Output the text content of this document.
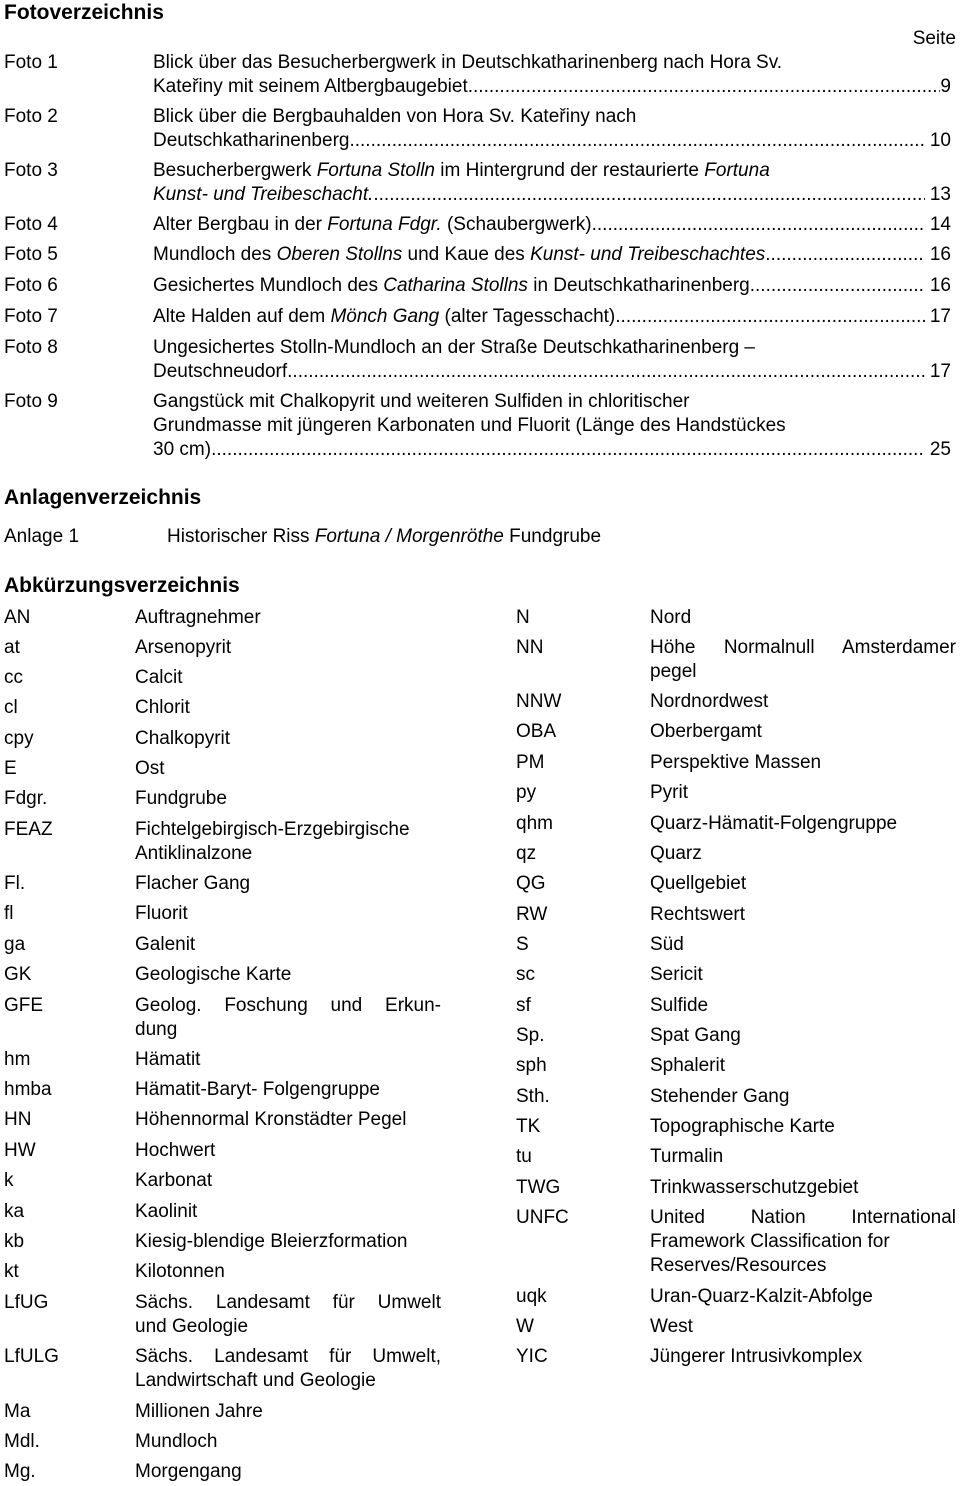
Fotoverzeichnis
Seite
Foto 1	Blick über das Besucherbergwerk in Deutschkatharinenberg nach Hora Sv.
Kateřiny mit seinem Altbergbaugebiet. .....	9
Foto 2	Blick über die Bergbauhalden von Hora Sv. Kateřiny nach
Deutschkatharinenberg .....	10
Foto 3	Besucherbergwerk Fortuna Stolln im Hintergrund der restaurierte Fortuna
Kunst- und Treibeschacht. .....	13
Foto 4	Alter Bergbau in der Fortuna Fdgr. (Schaubergwerk) .....	14
Foto 5	Mundloch des Oberen Stollns und Kaue des Kunst- und Treibeschachtes .....	16
Foto 6	Gesichertes Mundloch des Catharina Stollns in Deutschkatharinenberg .....	16
Foto 7	Alte Halden auf dem Mönch Gang (alter Tagesschacht) .....	17
Foto 8	Ungesichertes Stolln-Mundloch an der Straße Deutschkatharinenberg –
Deutschneudorf .....	17
Foto 9	Gangstück mit Chalkopyrit und weiteren Sulfiden in chloritischer
Grundmasse mit jüngeren Karbonaten und Fluorit (Länge des Handstückes
30 cm) .....	25
Anlagenverzeichnis
Anlage 1	Historischer Riss Fortuna / Morgenröthe Fundgrube
Abkürzungsverzeichnis
AN	Auftragnehmer
at	Arsenopyrit
cc	Calcit
cl	Chlorit
cpy	Chalkopyrit
E	Ost
Fdgr.	Fundgrube
FEAZ	Fichtelgebirgisch-Erzgebirgische
Antiklinalzone
Fl.	Flacher Gang
fl	Fluorit
ga	Galenit
GK	Geologische Karte
GFE	Geolog. Foschung und Erkun-
dung
hm	Hämatit
hmba	Hämatit-Baryt- Folgengruppe
HN	Höhennormal Kronstädter Pegel
HW	Hochwert
k	Karbonat
ka	Kaolinit
kb	Kiesig-blendige Bleierzformation
kt	Kilotonnen
LfUG	Sächs. Landesamt für Umwelt
und Geologie
LfULG	Sächs. Landesamt für Umwelt,
Landwirtschaft und Geologie
Ma	Millionen Jahre
Mdl.	Mundloch
Mg.	Morgengang
N	Nord
NN	Höhe Normalnull Amsterdamer
pegel
NNW	Nordnordwest
OBA	Oberbergamt
PM	Perspektive Massen
py	Pyrit
qhm	Quarz-Hämatit-Folgengruppe
qz	Quarz
QG	Quellgebiet
RW	Rechtswert
S	Süd
sc	Sericit
sf	Sulfide
Sp.	Spat Gang
sph	Sphalerit
Sth.	Stehender Gang
TK	Topographische Karte
tu	Turmalin
TWG	Trinkwasserschutzgebiet
UNFC	United Nation International
Framework Classification for
Reserves/Resources
uqk	Uran-Quarz-Kalzit-Abfolge
W	West
YIC	Jüngerer Intrusivkomplex
